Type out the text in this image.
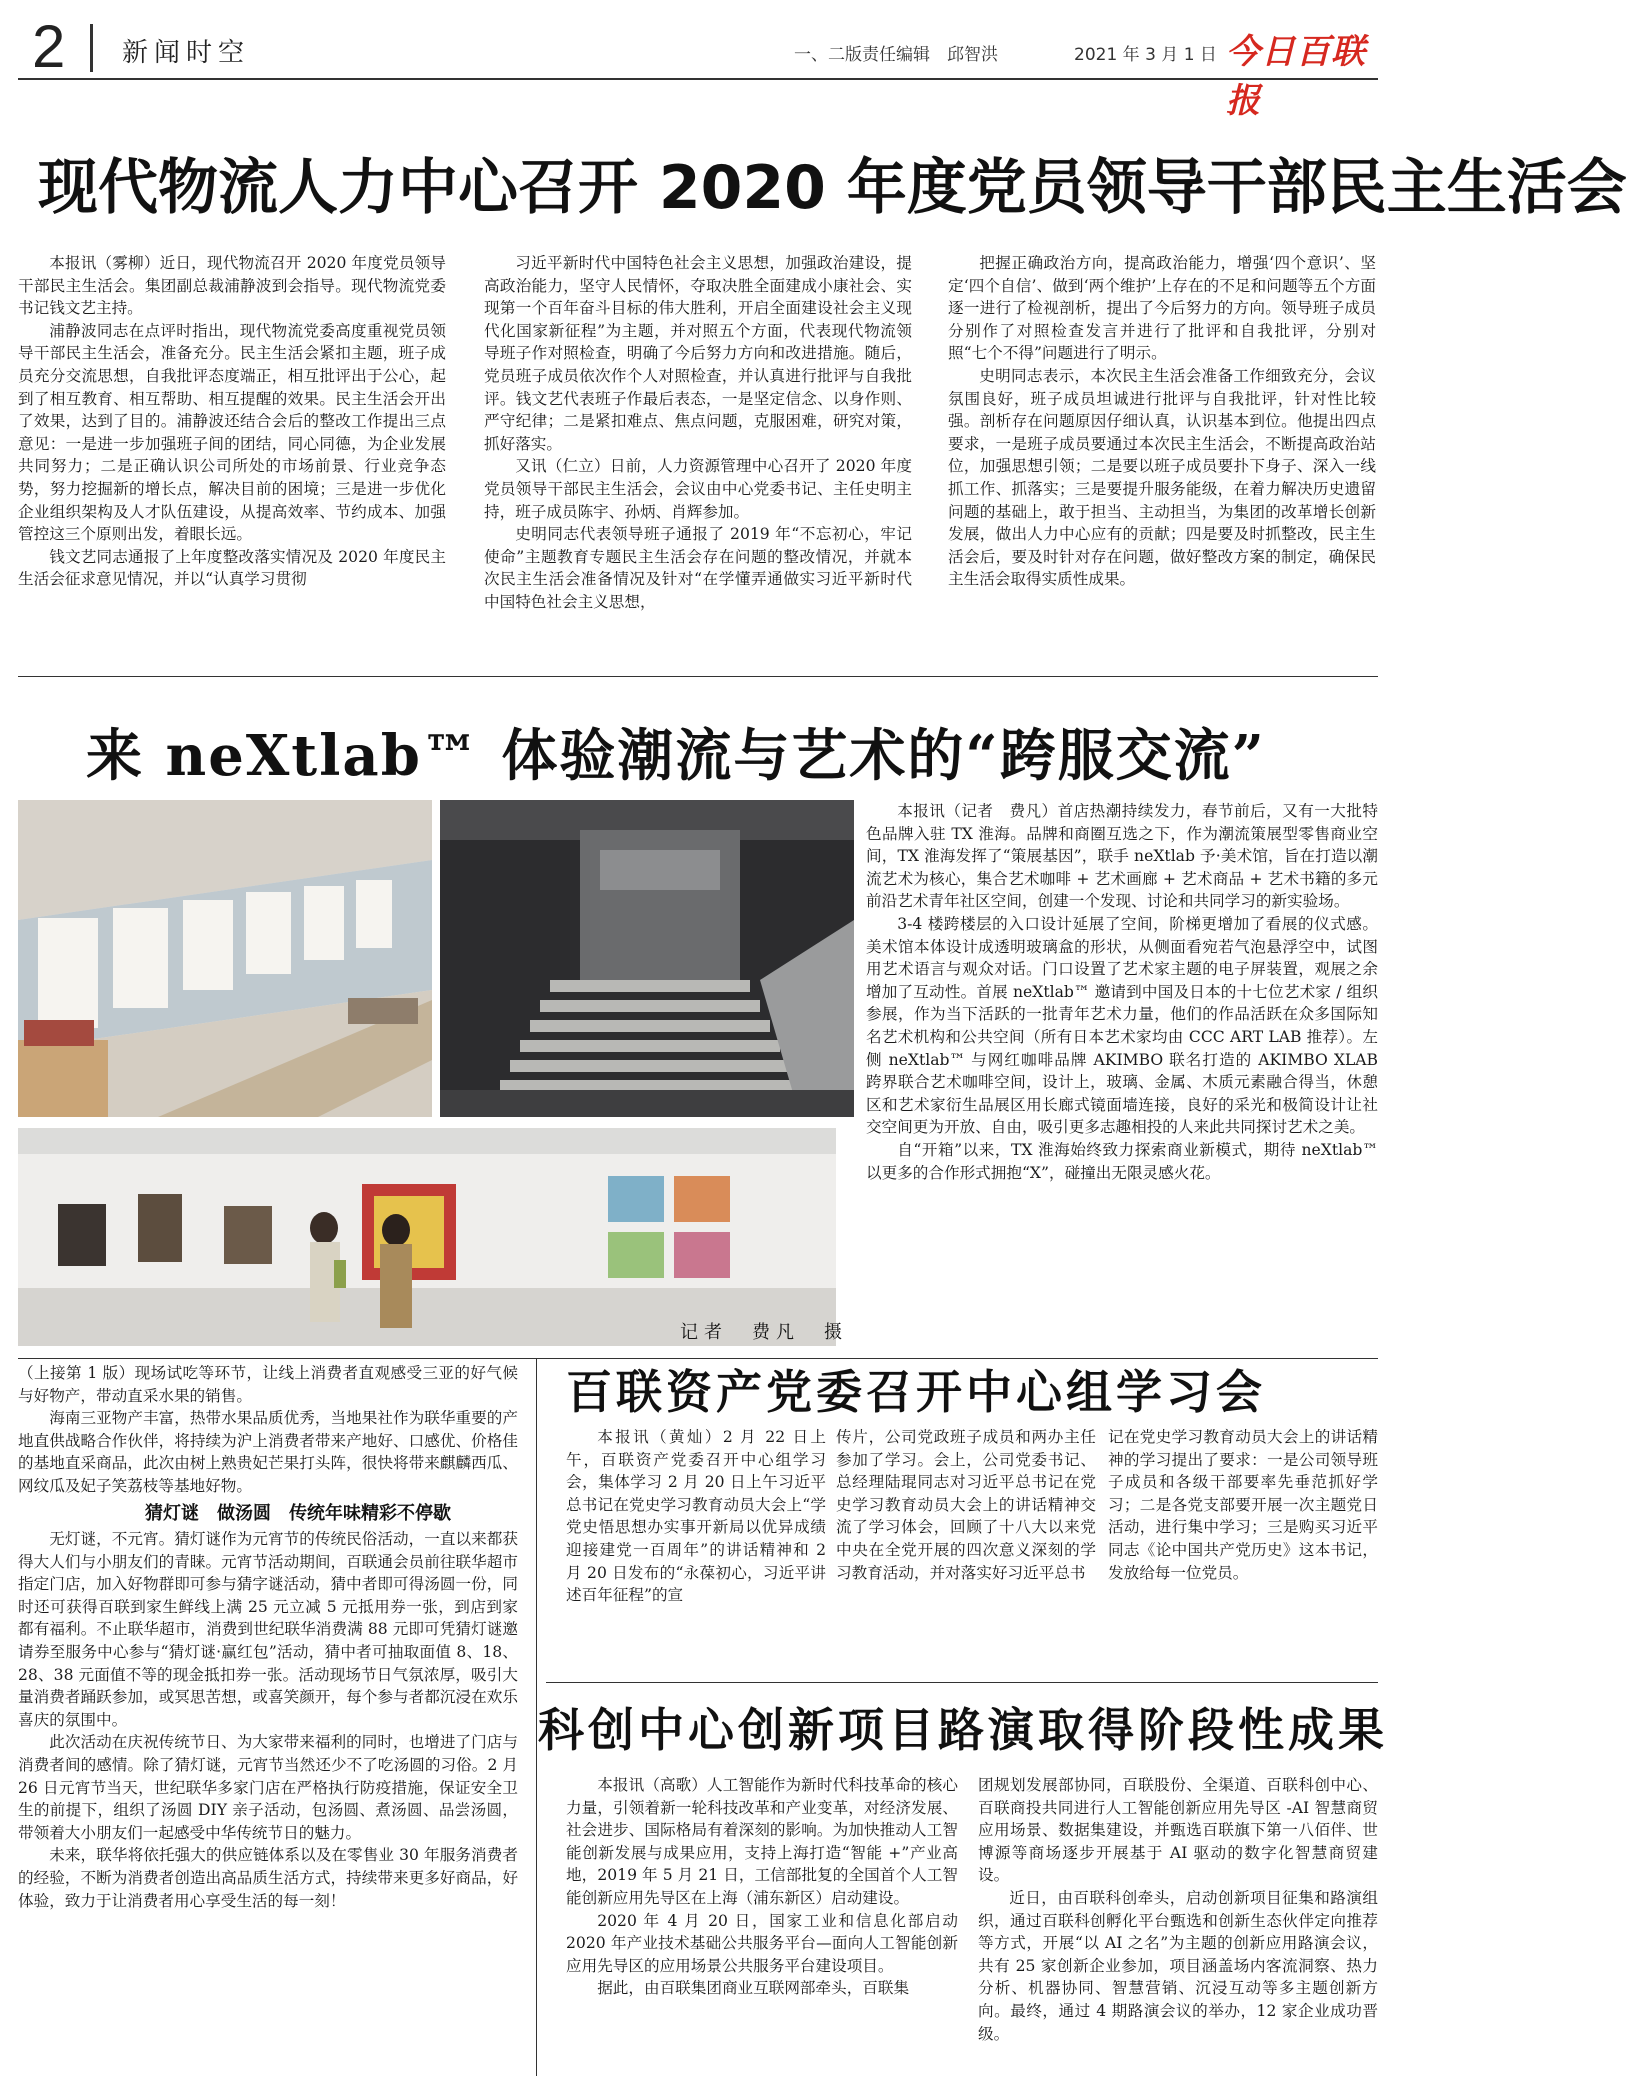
2 新闻时空	一、二版责任编辑　邱智洪	2021 年 3 月 1 日 今日百联报
现代物流人力中心召开 2020 年度党员领导干部民主生活会

本报讯（雾柳）近日，现代物流召开 2020 年度党员领导干部民主生活会。集团副总裁浦静波到会指导。现代物流党委书记钱文艺主持。

浦静波同志在点评时指出，现代物流党委高度重视党员领导干部民主生活会，准备充分。民主生活会紧扣主题，班子成员充分交流思想，自我批评态度端正，相互批评出于公心，起到了相互教育、相互帮助、相互提醒的效果。民主生活会开出了效果，达到了目的。浦静波还结合会后的整改工作提出三点意见：一是进一步加强班子间的团结，同心同德，为企业发展共同努力；二是正确认识公司所处的市场前景、行业竞争态势，努力挖掘新的增长点，解决目前的困境；三是进一步优化企业组织架构及人才队伍建设，从提高效率、节约成本、加强管控这三个原则出发，着眼长远。

钱文艺同志通报了上年度整改落实情况及 2020 年度民主生活会征求意见情况，并以“认真学习贯彻

习近平新时代中国特色社会主义思想，加强政治建设，提高政治能力，坚守人民情怀，夺取决胜全面建成小康社会、实现第一个百年奋斗目标的伟大胜利，开启全面建设社会主义现代化国家新征程”为主题，并对照五个方面，代表现代物流领导班子作对照检查，明确了今后努力方向和改进措施。随后，党员班子成员依次作个人对照检查，并认真进行批评与自我批评。钱文艺代表班子作最后表态，一是坚定信念、以身作则、严守纪律；二是紧扣难点、焦点问题，克服困难，研究对策，抓好落实。

又讯（仁立）日前，人力资源管理中心召开了 2020 年度党员领导干部民主生活会，会议由中心党委书记、主任史明主持，班子成员陈宇、孙炳、肖辉参加。

史明同志代表领导班子通报了 2019 年“不忘初心，牢记使命”主题教育专题民主生活会存在问题的整改情况，并就本次民主生活会准备情况及针对“在学懂弄通做实习近平新时代中国特色社会主义思想，

把握正确政治方向，提高政治能力，增强‘四个意识’、坚定‘四个自信’、做到‘两个维护’上存在的不足和问题等五个方面逐一进行了检视剖析，提出了今后努力的方向。领导班子成员分别作了对照检查发言并进行了批评和自我批评，分别对照“七个不得”问题进行了明示。

史明同志表示，本次民主生活会准备工作细致充分，会议氛围良好，班子成员坦诚进行批评与自我批评，针对性比较强。剖析存在问题原因仔细认真，认识基本到位。他提出四点要求，一是班子成员要通过本次民主生活会，不断提高政治站位，加强思想引领；二是要以班子成员要扑下身子、深入一线抓工作、抓落实；三是要提升服务能级，在着力解决历史遗留问题的基础上，敢于担当、主动担当，为集团的改革增长创新发展，做出人力中心应有的贡献；四是要及时抓整改，民主生活会后，要及时针对存在问题，做好整改方案的制定，确保民主生活会取得实质性成果。

来 neXtlab™ 体验潮流与艺术的“跨服交流”
记者　费凡　摄

本报讯（记者　费凡）首店热潮持续发力，春节前后，又有一大批特色品牌入驻 TX 淮海。品牌和商圈互选之下，作为潮流策展型零售商业空间，TX 淮海发挥了“策展基因”，联手 neXtlab 予·美术馆，旨在打造以潮流艺术为核心，集合艺术咖啡 + 艺术画廊 + 艺术商品 + 艺术书籍的多元前沿艺术青年社区空间，创建一个发现、讨论和共同学习的新实验场。

3-4 楼跨楼层的入口设计延展了空间，阶梯更增加了看展的仪式感。美术馆本体设计成透明玻璃盒的形状，从侧面看宛若气泡悬浮空中，试图用艺术语言与观众对话。门口设置了艺术家主题的电子屏装置，观展之余增加了互动性。首展 neXtlab™ 邀请到中国及日本的十七位艺术家 / 组织参展，作为当下活跃的一批青年艺术力量，他们的作品活跃在众多国际知名艺术机构和公共空间（所有日本艺术家均由 CCC ART LAB 推荐）。左侧 neXtlab™ 与网红咖啡品牌 AKIMBO 联名打造的 AKIMBO XLAB 跨界联合艺术咖啡空间，设计上，玻璃、金属、木质元素融合得当，休憩区和艺术家衍生品展区用长廊式镜面墙连接，良好的采光和极简设计让社交空间更为开放、自由，吸引更多志趣相投的人来此共同探讨艺术之美。

自“开箱”以来，TX 淮海始终致力探索商业新模式，期待 neXtlab™ 以更多的合作形式拥抱“X”，碰撞出无限灵感火花。

（上接第 1 版）现场试吃等环节，让线上消费者直观感受三亚的好气候与好物产，带动直采水果的销售。

海南三亚物产丰富，热带水果品质优秀，当地果社作为联华重要的产地直供战略合作伙伴，将持续为沪上消费者带来产地好、口感优、价格佳的基地直采商品，此次由树上熟贵妃芒果打头阵，很快将带来麒麟西瓜、网纹瓜及妃子笑荔枝等基地好物。

猜灯谜　做汤圆　传统年味精彩不停歇

无灯谜，不元宵。猜灯谜作为元宵节的传统民俗活动，一直以来都获得大人们与小朋友们的青睐。元宵节活动期间，百联通会员前往联华超市指定门店，加入好物群即可参与猜字谜活动，猜中者即可得汤圆一份，同时还可获得百联到家生鲜线上满 25 元立减 5 元抵用券一张，到店到家都有福利。不止联华超市，消费到世纪联华消费满 88 元即可凭猜灯谜邀请券至服务中心参与“猜灯谜·赢红包”活动，猜中者可抽取面值 8、18、28、38 元面值不等的现金抵扣券一张。活动现场节日气氛浓厚，吸引大量消费者踊跃参加，或冥思苦想，或喜笑颜开，每个参与者都沉浸在欢乐喜庆的氛围中。

此次活动在庆祝传统节日、为大家带来福利的同时，也增进了门店与消费者间的感情。除了猜灯谜，元宵节当然还少不了吃汤圆的习俗。2 月 26 日元宵节当天，世纪联华多家门店在严格执行防疫措施，保证安全卫生的前提下，组织了汤圆 DIY 亲子活动，包汤圆、煮汤圆、品尝汤圆，带领着大小朋友们一起感受中华传统节日的魅力。

未来，联华将依托强大的供应链体系以及在零售业 30 年服务消费者的经验，不断为消费者创造出高品质生活方式，持续带来更多好商品，好体验，致力于让消费者用心享受生活的每一刻！

百联资产党委召开中心组学习会

本报讯（黄灿）2 月 22 日上午，百联资产党委召开中心组学习会，集体学习 2 月 20 日上午习近平总书记在党史学习教育动员大会上“学党史悟思想办实事开新局以优异成绩迎接建党一百周年”的讲话精神和 2 月 20 日发布的“永葆初心，习近平讲述百年征程”的宣

传片，公司党政班子成员和两办主任参加了学习。会上，公司党委书记、总经理陆琨同志对习近平总书记在党史学习教育动员大会上的讲话精神交流了学习体会，回顾了十八大以来党中央在全党开展的四次意义深刻的学习教育活动，并对落实好习近平总书

记在党史学习教育动员大会上的讲话精神的学习提出了要求：一是公司领导班子成员和各级干部要率先垂范抓好学习；二是各党支部要开展一次主题党日活动，进行集中学习；三是购买习近平同志《论中国共产党历史》这本书记，发放给每一位党员。

科创中心创新项目路演取得阶段性成果

本报讯（高歌）人工智能作为新时代科技革命的核心力量，引领着新一轮科技改革和产业变革，对经济发展、社会进步、国际格局有着深刻的影响。为加快推动人工智能创新发展与成果应用，支持上海打造“智能 +”产业高地，2019 年 5 月 21 日，工信部批复的全国首个人工智能创新应用先导区在上海（浦东新区）启动建设。

2020 年 4 月 20 日，国家工业和信息化部启动 2020 年产业技术基础公共服务平台—面向人工智能创新应用先导区的应用场景公共服务平台建设项目。

据此，由百联集团商业互联网部牵头，百联集

团规划发展部协同，百联股份、全渠道、百联科创中心、百联商投共同进行人工智能创新应用先导区 -AI 智慧商贸应用场景、数据集建设，并甄选百联旗下第一八佰伴、世博源等商场逐步开展基于 AI 驱动的数字化智慧商贸建设。

近日，由百联科创牵头，启动创新项目征集和路演组织，通过百联科创孵化平台甄选和创新生态伙伴定向推荐等方式，开展“以 AI 之名”为主题的创新应用路演会议，共有 25 家创新企业参加，项目涵盖场内客流洞察、热力分析、机器协同、智慧营销、沉浸互动等多主题创新方向。最终，通过 4 期路演会议的举办，12 家企业成功晋级。
